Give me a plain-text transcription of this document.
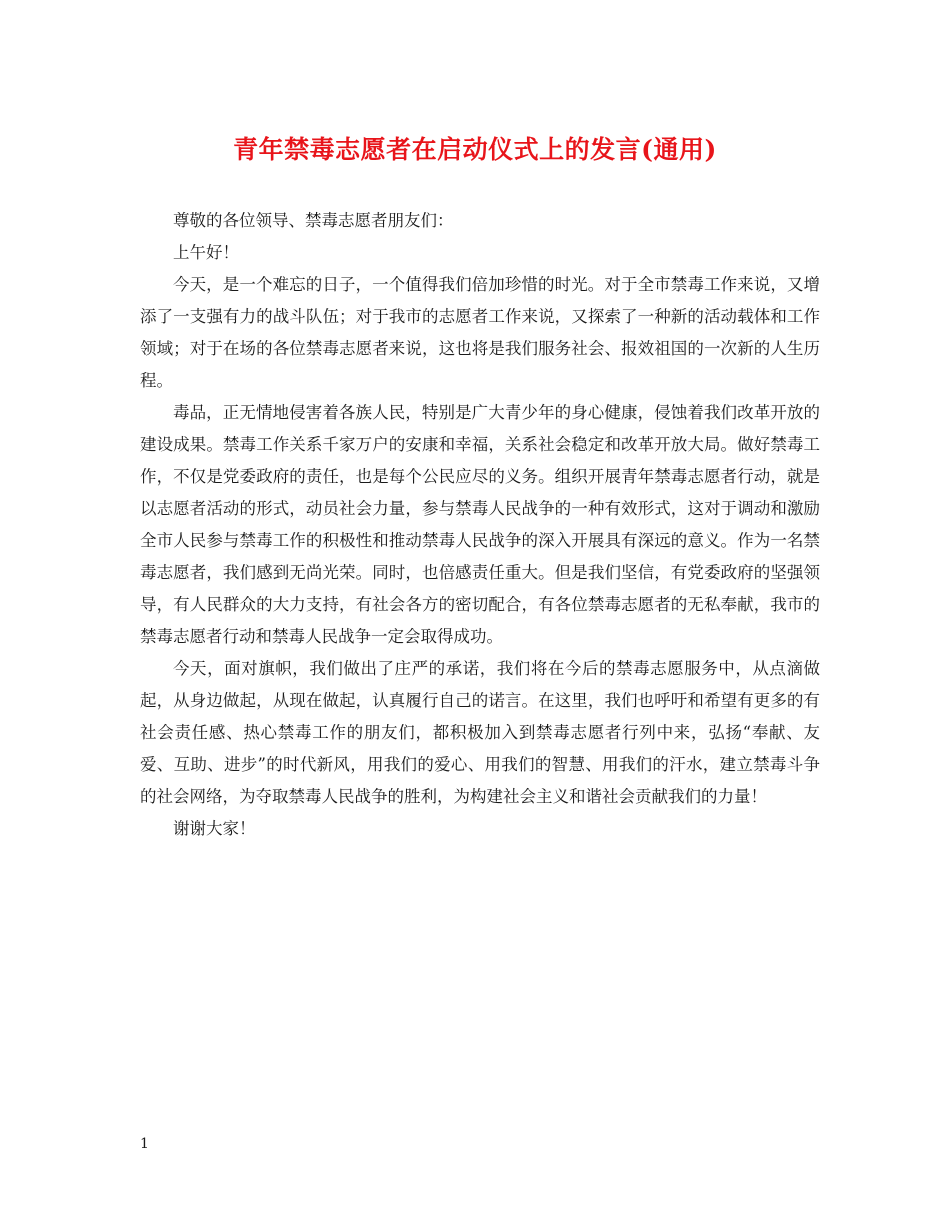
青年禁毒志愿者在启动仪式上的发言(通用)

尊敬的各位领导、禁毒志愿者朋友们：

上午好！

今天，是一个难忘的日子，一个值得我们倍加珍惜的时光。对于全市禁毒工作来说，又增添了一支强有力的战斗队伍；对于我市的志愿者工作来说，又探索了一种新的活动载体和工作领域；对于在场的各位禁毒志愿者来说，这也将是我们服务社会、报效祖国的一次新的人生历程。

毒品，正无情地侵害着各族人民，特别是广大青少年的身心健康，侵蚀着我们改革开放的建设成果。禁毒工作关系千家万户的安康和幸福，关系社会稳定和改革开放大局。做好禁毒工作，不仅是党委政府的责任，也是每个公民应尽的义务。组织开展青年禁毒志愿者行动，就是以志愿者活动的形式，动员社会力量，参与禁毒人民战争的一种有效形式，这对于调动和激励全市人民参与禁毒工作的积极性和推动禁毒人民战争的深入开展具有深远的意义。作为一名禁毒志愿者，我们感到无尚光荣。同时，也倍感责任重大。但是我们坚信，有党委政府的坚强领导，有人民群众的大力支持，有社会各方的密切配合，有各位禁毒志愿者的无私奉献，我市的禁毒志愿者行动和禁毒人民战争一定会取得成功。

今天，面对旗帜，我们做出了庄严的承诺，我们将在今后的禁毒志愿服务中，从点滴做起，从身边做起，从现在做起，认真履行自己的诺言。在这里，我们也呼吁和希望有更多的有社会责任感、热心禁毒工作的朋友们，都积极加入到禁毒志愿者行列中来，弘扬“奉献、友爱、互助、进步”的时代新风，用我们的爱心、用我们的智慧、用我们的汗水，建立禁毒斗争的社会网络，为夺取禁毒人民战争的胜利，为构建社会主义和谐社会贡献我们的力量！

谢谢大家！

1
